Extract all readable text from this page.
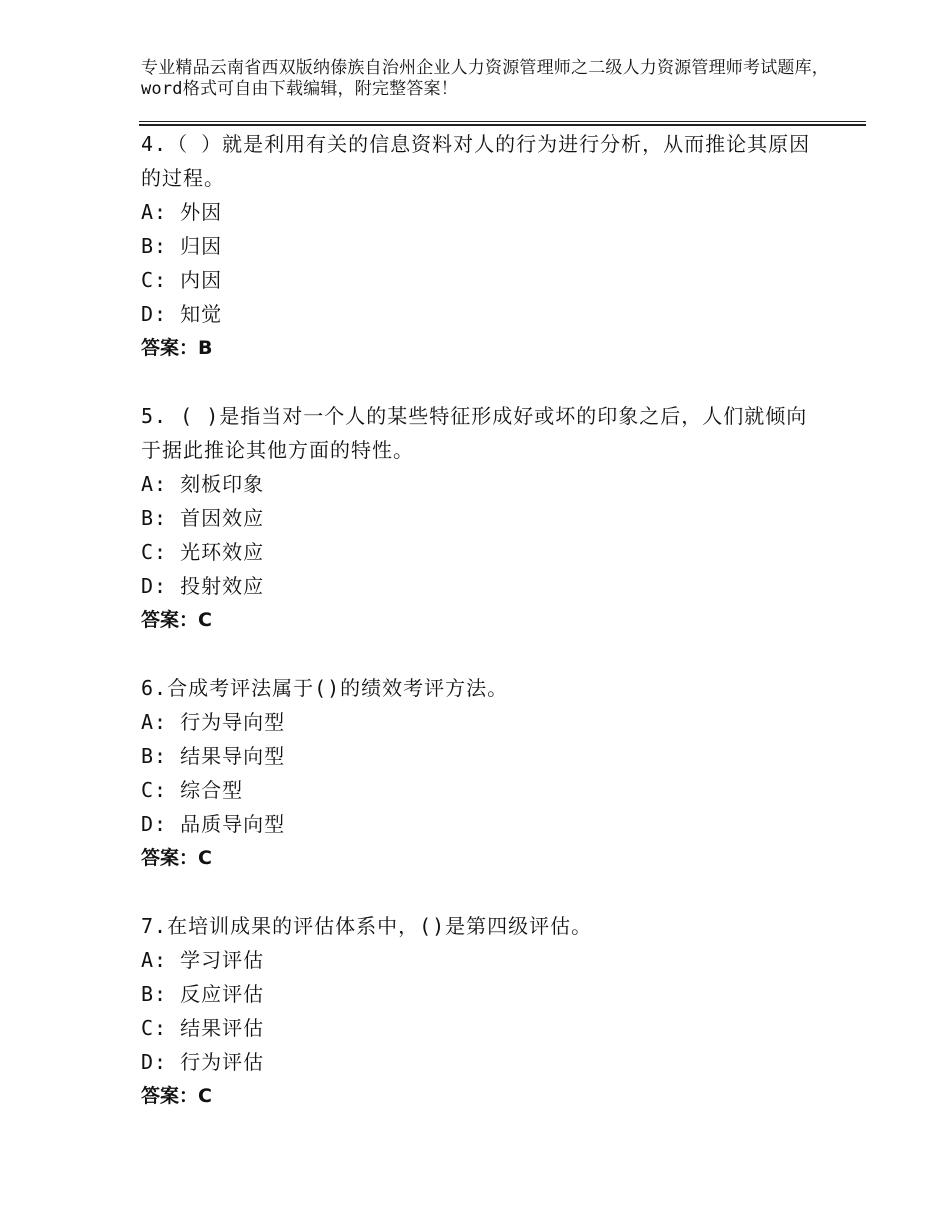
专业精品云南省西双版纳傣族自治州企业人力资源管理师之二级人力资源管理师考试题库，word格式可自由下载编辑，附完整答案！
4.（ ）就是利用有关的信息资料对人的行为进行分析，从而推论其原因的过程。
A: 外因
B: 归因
C: 内因
D: 知觉
答案：B
5. ( )是指当对一个人的某些特征形成好或坏的印象之后，人们就倾向于据此推论其他方面的特性。
A: 刻板印象
B: 首因效应
C: 光环效应
D: 投射效应
答案：C
6.合成考评法属于()的绩效考评方法。
A: 行为导向型
B: 结果导向型
C: 综合型
D: 品质导向型
答案：C
7.在培训成果的评估体系中，()是第四级评估。
A: 学习评估
B: 反应评估
C: 结果评估
D: 行为评估
答案：C
